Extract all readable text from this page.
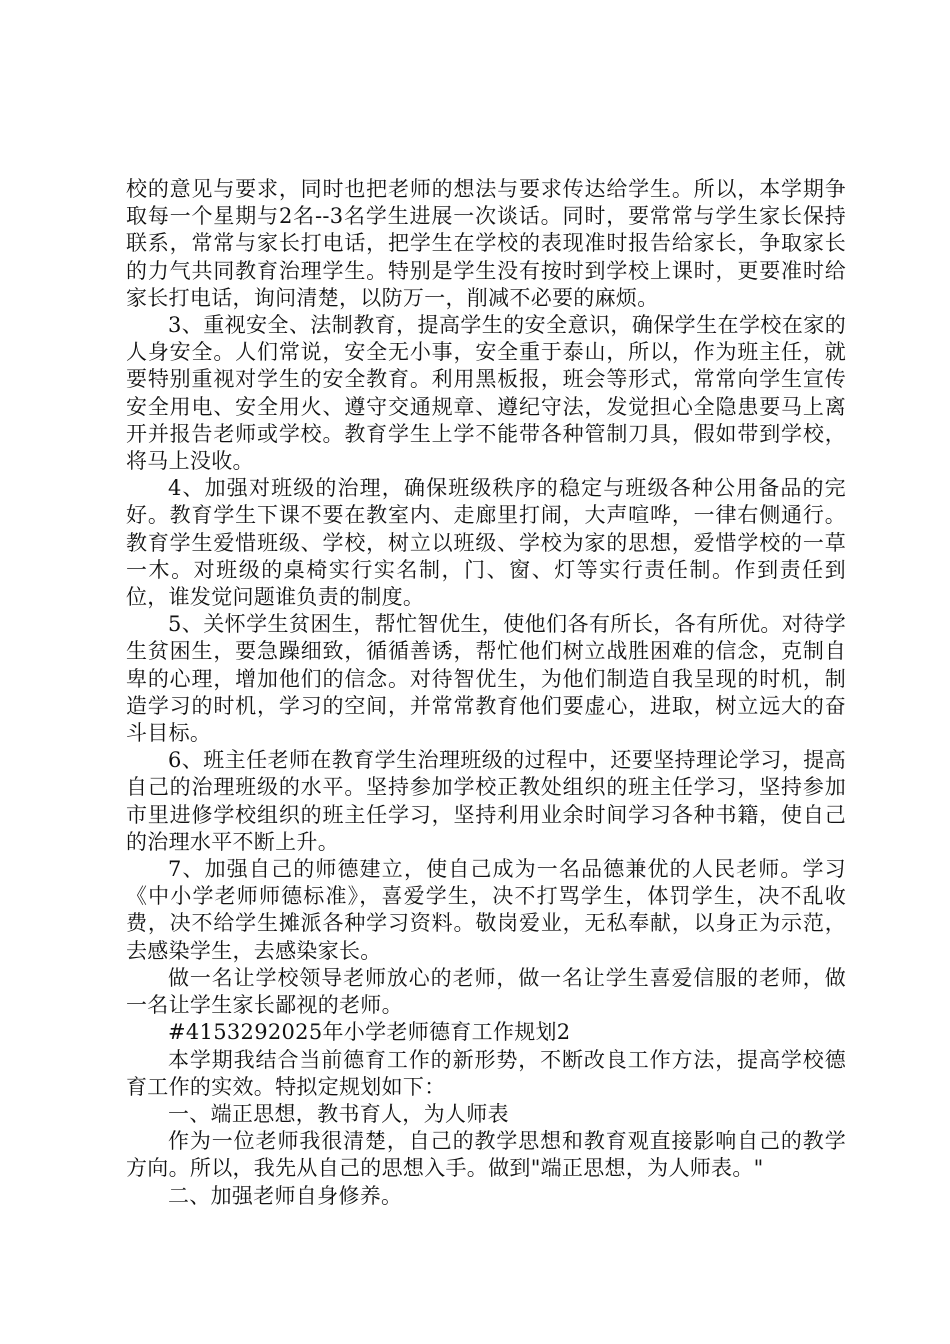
校的意见与要求，同时也把老师的想法与要求传达给学生。所以，本学期争取每一个星期与2名--3名学生进展一次谈话。同时，要常常与学生家长保持联系，常常与家长打电话，把学生在学校的表现准时报告给家长，争取家长的力气共同教育治理学生。特别是学生没有按时到学校上课时，更要准时给家长打电话，询问清楚，以防万一，削减不必要的麻烦。

3、重视安全、法制教育，提高学生的安全意识，确保学生在学校在家的人身安全。人们常说，安全无小事，安全重于泰山，所以，作为班主任，就要特别重视对学生的安全教育。利用黑板报，班会等形式，常常向学生宣传安全用电、安全用火、遵守交通规章、遵纪守法，发觉担心全隐患要马上离开并报告老师或学校。教育学生上学不能带各种管制刀具，假如带到学校，将马上没收。

4、加强对班级的治理，确保班级秩序的稳定与班级各种公用备品的完好。教育学生下课不要在教室内、走廊里打闹，大声喧哗，一律右侧通行。教育学生爱惜班级、学校，树立以班级、学校为家的思想，爱惜学校的一草一木。对班级的桌椅实行实名制，门、窗、灯等实行责任制。作到责任到位，谁发觉问题谁负责的制度。

5、关怀学生贫困生，帮忙智优生，使他们各有所长，各有所优。对待学生贫困生，要急躁细致，循循善诱，帮忙他们树立战胜困难的信念，克制自卑的心理，增加他们的信念。对待智优生，为他们制造自我呈现的时机，制造学习的时机，学习的空间，并常常教育他们要虚心，进取，树立远大的奋斗目标。

6、班主任老师在教育学生治理班级的过程中，还要坚持理论学习，提高自己的治理班级的水平。坚持参加学校正教处组织的班主任学习，坚持参加市里进修学校组织的班主任学习，坚持利用业余时间学习各种书籍，使自己的治理水平不断上升。

7、加强自己的师德建立，使自己成为一名品德兼优的人民老师。学习《中小学老师师德标准》，喜爱学生，决不打骂学生，体罚学生，决不乱收费，决不给学生摊派各种学习资料。敬岗爱业，无私奉献，以身正为示范，去感染学生，去感染家长。

做一名让学校领导老师放心的老师，做一名让学生喜爱信服的老师，做一名让学生家长鄙视的老师。

#4153292025年小学老师德育工作规划2

本学期我结合当前德育工作的新形势，不断改良工作方法，提高学校德育工作的实效。特拟定规划如下：

一、端正思想，教书育人，为人师表

作为一位老师我很清楚，自己的教学思想和教育观直接影响自己的教学方向。所以，我先从自己的思想入手。做到"端正思想，为人师表。"

二、加强老师自身修养。
